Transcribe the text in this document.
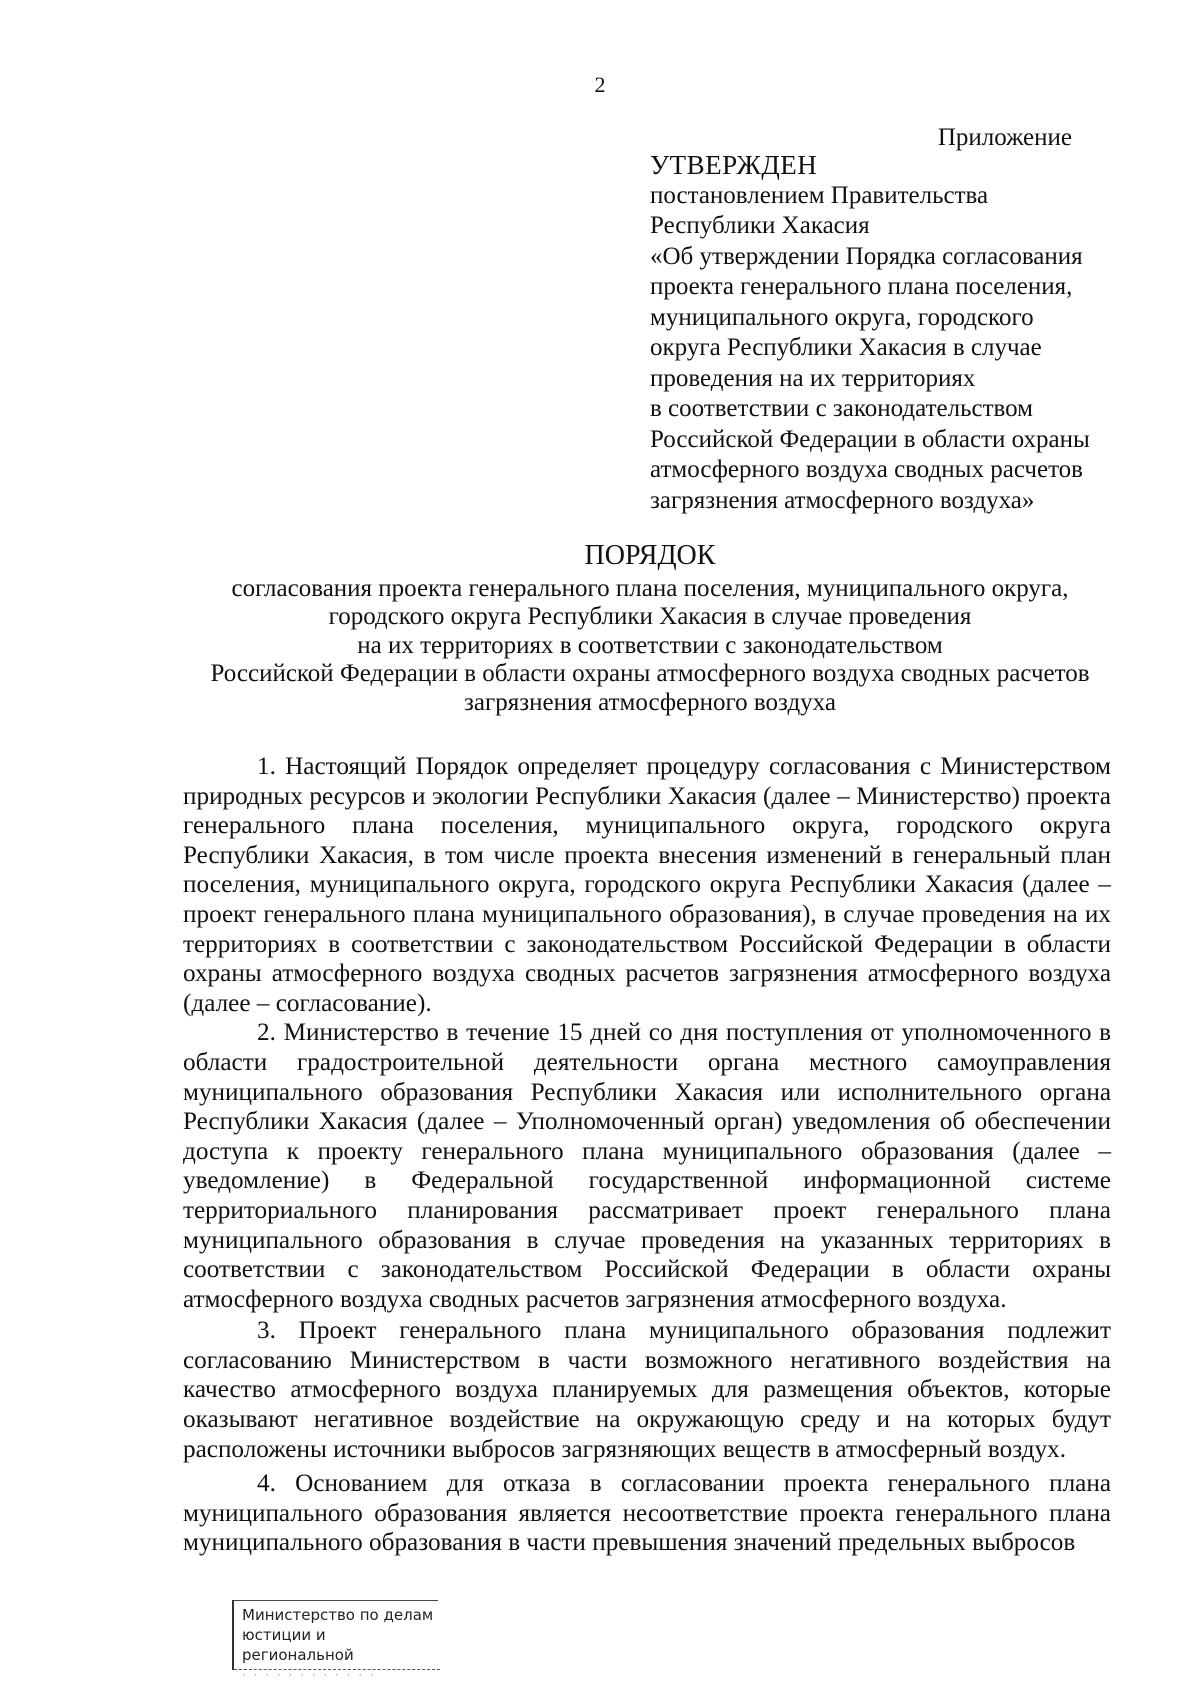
2
Приложение
УТВЕРЖДЕН
постановлением Правительства
Республики Хакасия
«Об утверждении Порядка согласования
проекта генерального плана поселения,
муниципального округа, городского
округа Республики Хакасия в случае
проведения на их территориях
в соответствии с законодательством
Российской Федерации в области охраны
атмосферного воздуха сводных расчетов
загрязнения атмосферного воздуха»
ПОРЯДОК
согласования проекта генерального плана поселения, муниципального округа,
городского округа Республики Хакасия в случае проведения
на их территориях в соответствии с законодательством
Российской Федерации в области охраны атмосферного воздуха сводных расчетов
загрязнения атмосферного воздуха

1. Настоящий Порядок определяет процедуру согласования с Министерством природных ресурсов и экологии Республики Хакасия (далее – Министерство) проекта генерального плана поселения, муниципального округа, городского округа Республики Хакасия, в том числе проекта внесения изменений в генеральный план поселения, муниципального округа, городского округа Республики Хакасия (далее – проект генерального плана муниципального образования), в случае проведения на их территориях в соответствии с законодательством Российской Федерации в области охраны атмосферного воздуха сводных расчетов загрязнения атмосферного воздуха (далее – согласование).

2. Министерство в течение 15 дней со дня поступления от уполномоченного в области градостроительной деятельности органа местного самоуправления муниципального образования Республики Хакасия или исполнительного органа Республики Хакасия (далее – Уполномоченный орган) уведомления об обеспечении доступа к проекту генерального плана муниципального образования (далее – уведомление) в Федеральной государственной информационной системе территориального планирования рассматривает проект генерального плана муниципального образования в случае проведения на указанных территориях в соответствии с законодательством Российской Федерации в области охраны атмосферного воздуха сводных расчетов загрязнения атмосферного воздуха.

3. Проект генерального плана муниципального образования подлежит согласованию Министерством в части возможного негативного воздействия на качество атмосферного воздуха планируемых для размещения объектов, которые оказывают негативное воздействие на окружающую среду и на которых будут расположены источники выбросов загрязняющих веществ в атмосферный воздух.

4. Основанием для отказа в согласовании проекта генерального плана муниципального образования является несоответствие проекта генерального плана муниципального образования в части превышения значений предельных выбросов

Министерство по делам
юстиции и региональной
· · · · · · · · · · · ·
